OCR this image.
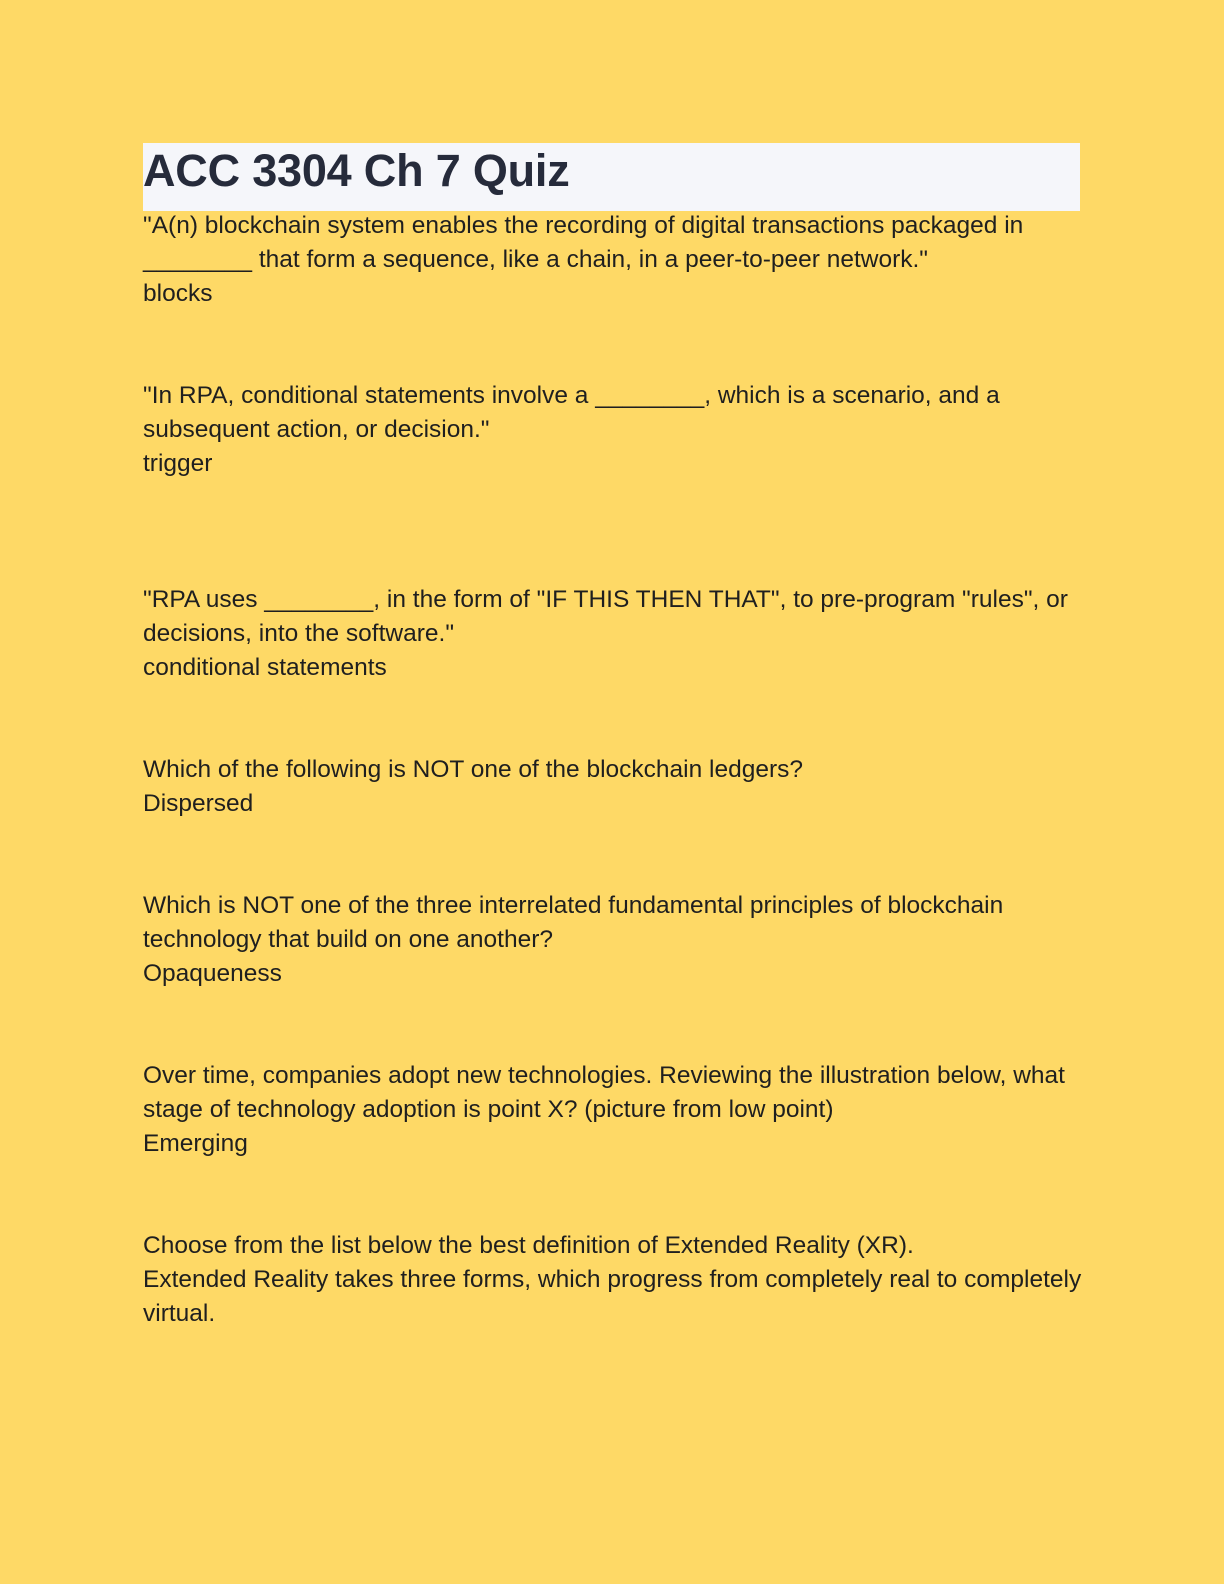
ACC 3304 Ch 7 Quiz
"A(n) blockchain system enables the recording of digital transactions packaged in ________ that form a sequence, like a chain, in a peer-to-peer network."
blocks
"In RPA, conditional statements involve a ________, which is a scenario, and a subsequent action, or decision."
trigger
"RPA uses ________, in the form of "IF THIS THEN THAT", to pre-program "rules", or decisions, into the software."
conditional statements
Which of the following is NOT one of the blockchain ledgers?
Dispersed
Which is NOT one of the three interrelated fundamental principles of blockchain technology that build on one another?
Opaqueness
Over time, companies adopt new technologies. Reviewing the illustration below, what stage of technology adoption is point X? (picture from low point)
Emerging
Choose from the list below the best definition of Extended Reality (XR).
Extended Reality takes three forms, which progress from completely real to completely virtual.
